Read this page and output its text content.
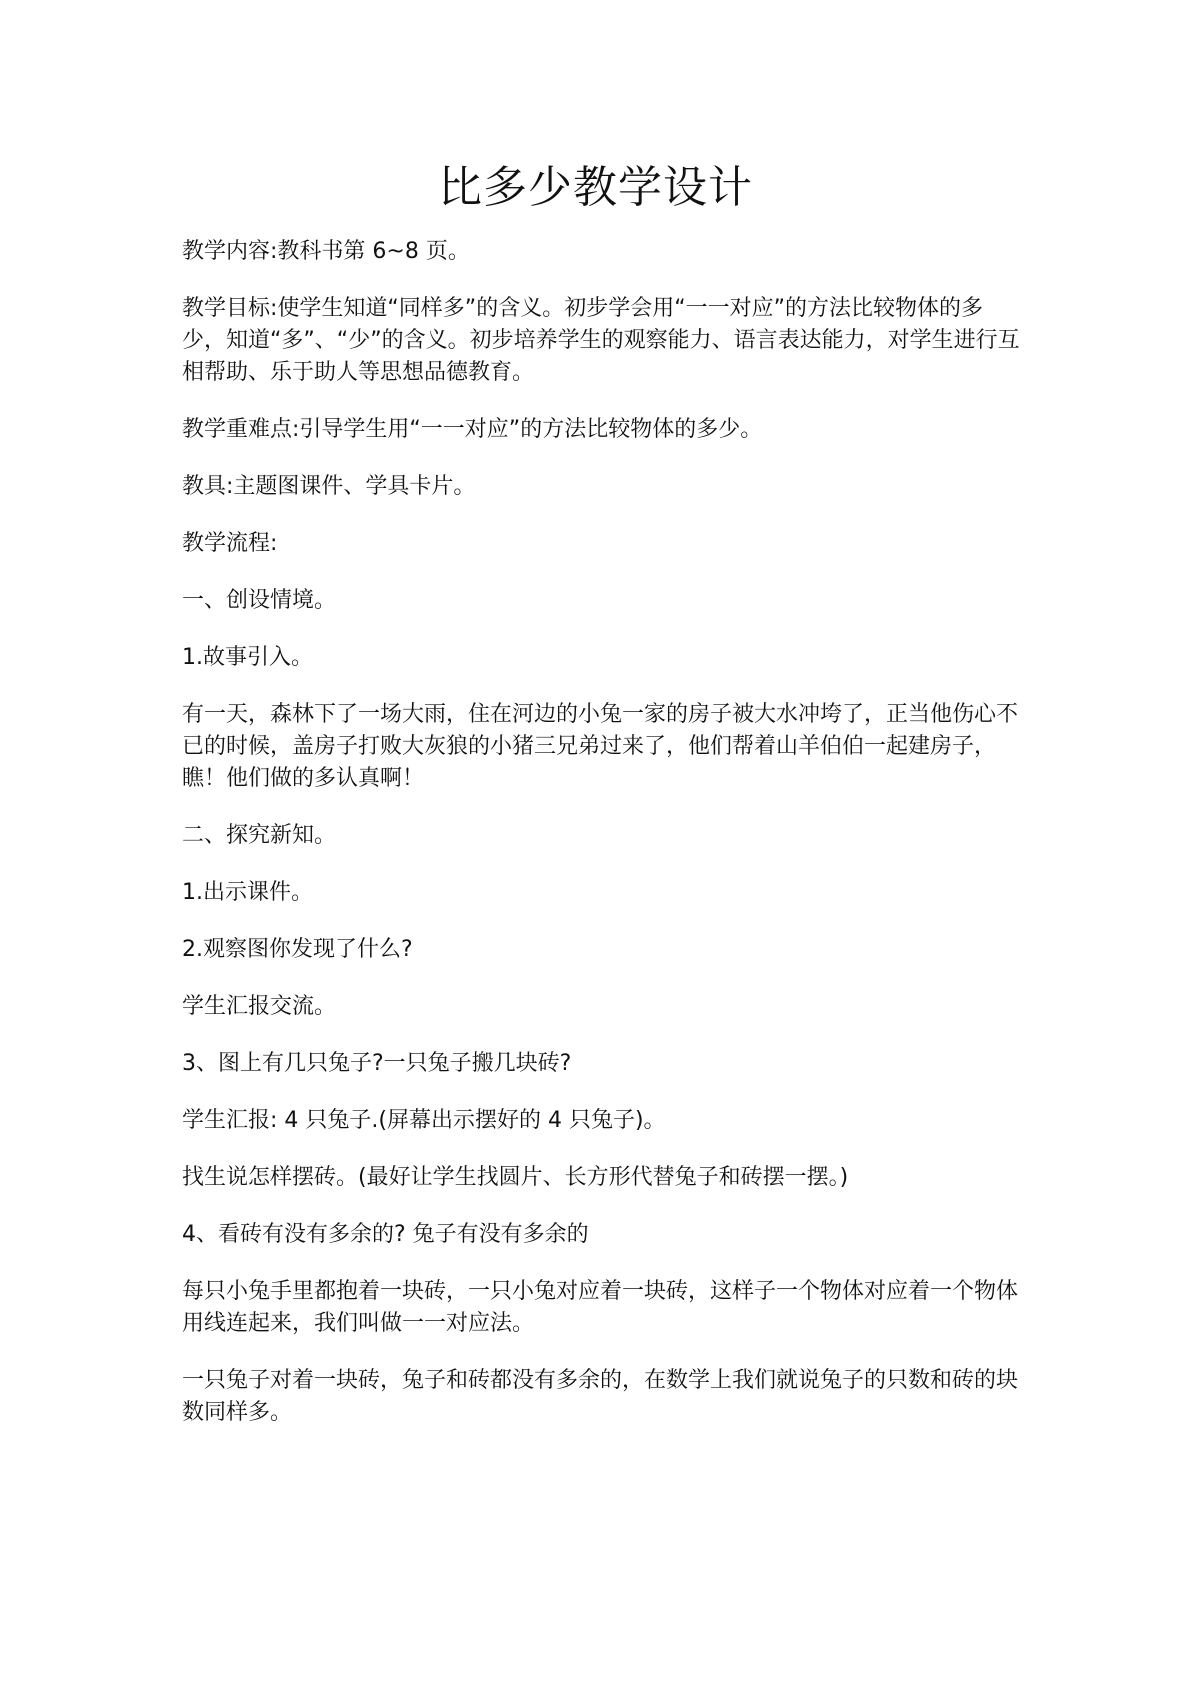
比多少教学设计

教学内容:教科书第 6~8 页。

教学目标:使学生知道“同样多”的含义。初步学会用“一一对应”的方法比较物体的多少，知道“多”、“少”的含义。初步培养学生的观察能力、语言表达能力，对学生进行互相帮助、乐于助人等思想品德教育。

教学重难点:引导学生用“一一对应”的方法比较物体的多少。

教具:主题图课件、学具卡片。

教学流程:

一、创设情境。

1.故事引入。

有一天，森林下了一场大雨，住在河边的小兔一家的房子被大水冲垮了，正当他伤心不已的时候，盖房子打败大灰狼的小猪三兄弟过来了，他们帮着山羊伯伯一起建房子，瞧！他们做的多认真啊！

二、探究新知。

1.出示课件。

2.观察图你发现了什么?

学生汇报交流。

3、图上有几只兔子?一只兔子搬几块砖?

学生汇报: 4 只兔子.(屏幕出示摆好的 4 只兔子)。

找生说怎样摆砖。(最好让学生找圆片、长方形代替兔子和砖摆一摆。)

4、看砖有没有多余的? 兔子有没有多余的

每只小兔手里都抱着一块砖，一只小兔对应着一块砖，这样子一个物体对应着一个物体用线连起来，我们叫做一一对应法。

一只兔子对着一块砖，兔子和砖都没有多余的，在数学上我们就说兔子的只数和砖的块数同样多。
